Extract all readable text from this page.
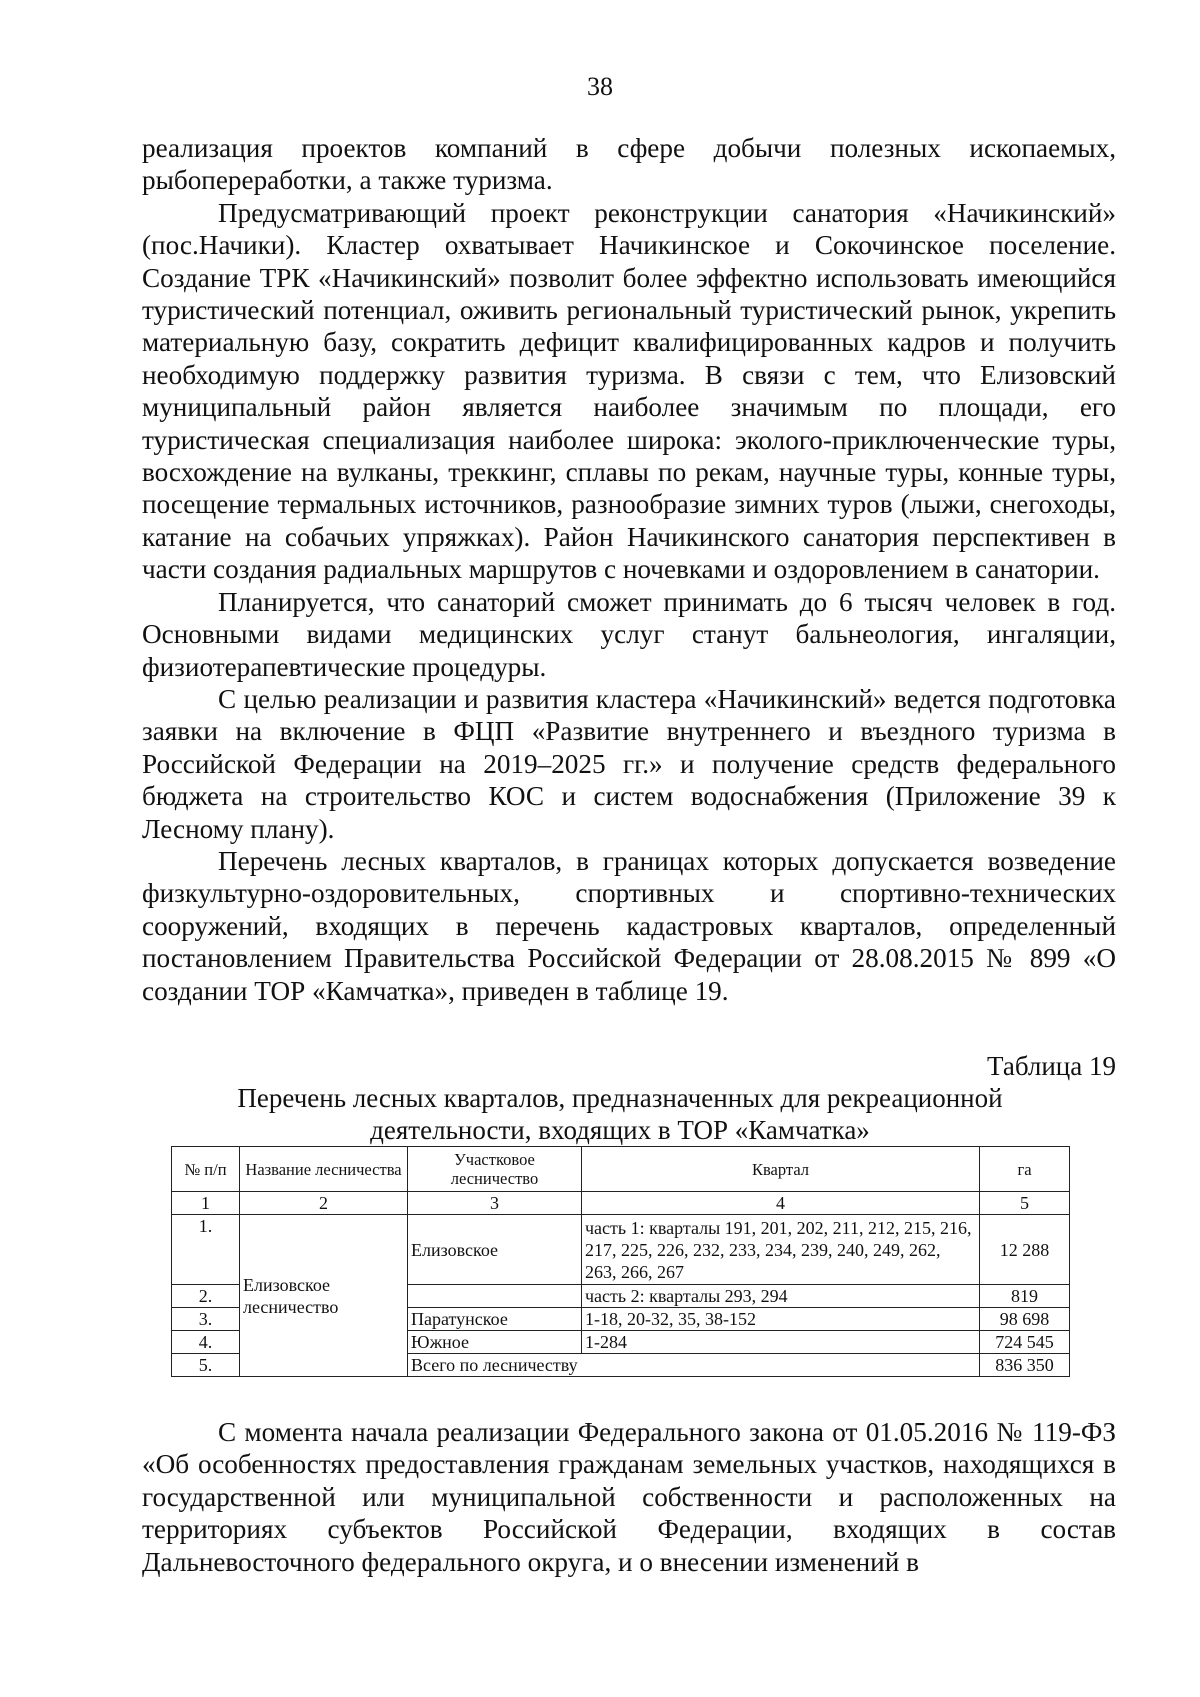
38

реализация проектов компаний в сфере добычи полезных ископаемых, рыбопереработки, а также туризма.

Предусматривающий проект реконструкции санатория «Начикинский» (пос.Начики). Кластер охватывает Начикинское и Сокочинское поселение. Создание ТРК «Начикинский» позволит более эффектно использовать имеющийся туристический потенциал, оживить региональный туристический рынок, укрепить материальную базу, сократить дефицит квалифицированных кадров и получить необходимую поддержку развития туризма. В связи с тем, что Елизовский муниципальный район является наиболее значимым по площади, его туристическая специализация наиболее широка: эколого-приключенческие туры, восхождение на вулканы, треккинг, сплавы по рекам, научные туры, конные туры, посещение термальных источников, разнообразие зимних туров (лыжи, снегоходы, катание на собачьих упряжках). Район Начикинского санатория перспективен в части создания радиальных маршрутов с ночевками и оздоровлением в санатории.

Планируется, что санаторий сможет принимать до 6 тысяч человек в год. Основными видами медицинских услуг станут бальнеология, ингаляции, физиотерапевтические процедуры.

С целью реализации и развития кластера «Начикинский» ведется подготовка заявки на включение в ФЦП «Развитие внутреннего и въездного туризма в Российской Федерации на 2019–2025 гг.» и получение средств федерального бюджета на строительство КОС и систем водоснабжения (Приложение 39 к Лесному плану).

Перечень лесных кварталов, в границах которых допускается возведение физкультурно-оздоровительных, спортивных и спортивно-технических сооружений, входящих в перечень кадастровых кварталов, определенный постановлением Правительства Российской Федерации от 28.08.2015 № 899 «О создании ТОР «Камчатка», приведен в таблице 19.

Таблица 19
Перечень лесных кварталов, предназначенных для рекреационной
деятельности, входящих в ТОР «Камчатка»
№ п/п	Название лесничества	Участковое лесничество	Квартал	га
1	2	3	4	5
1.	Елизовское лесничество	Елизовское	часть 1: кварталы 191, 201, 202, 211, 212, 215, 216, 217, 225, 226, 232, 233, 234, 239, 240, 249, 262, 263, 266, 267	12 288
2.			часть 2: кварталы 293, 294	819
3.		Паратунское	1-18, 20-32, 35, 38-152	98 698
4.		Южное	1-284	724 545
5.		Всего по лесничеству		836 350

С момента начала реализации Федерального закона от 01.05.2016 № 119-ФЗ «Об особенностях предоставления гражданам земельных участков, находящихся в государственной или муниципальной собственности и расположенных на территориях субъектов Российской Федерации, входящих в состав Дальневосточного федерального округа, и о внесении изменений в
